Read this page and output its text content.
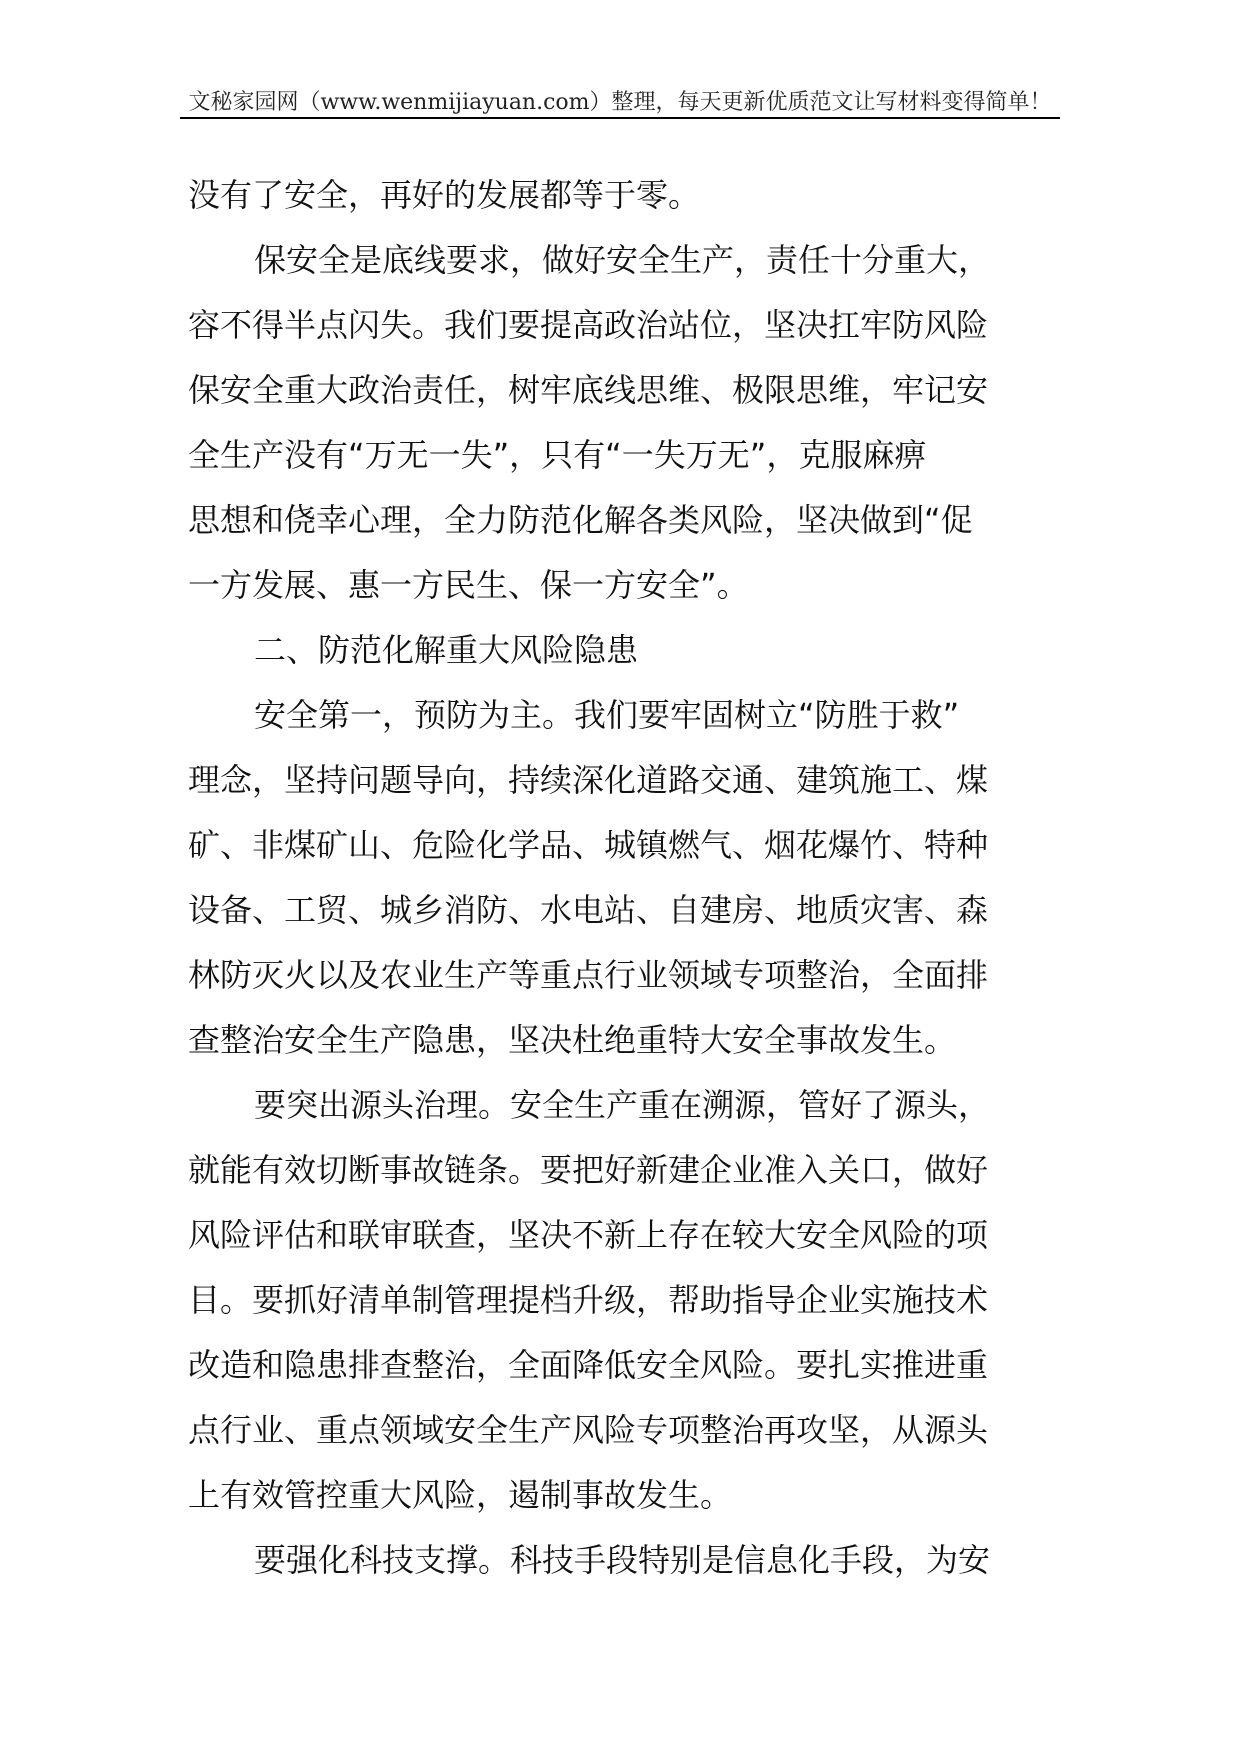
文秘家园网（www.wenmijiayuan.com）整理，每天更新优质范文让写材料变得简单！
没有了安全，再好的发展都等于零。
保安全是底线要求，做好安全生产，责任十分重大，
容不得半点闪失。我们要提高政治站位，坚决扛牢防风险
保安全重大政治责任，树牢底线思维、极限思维，牢记安
全生产没有“万无一失”，只有“一失万无”，克服麻痹
思想和侥幸心理，全力防范化解各类风险，坚决做到“促
一方发展、惠一方民生、保一方安全”。
二、防范化解重大风险隐患
安全第一，预防为主。我们要牢固树立“防胜于救”
理念，坚持问题导向，持续深化道路交通、建筑施工、煤
矿、非煤矿山、危险化学品、城镇燃气、烟花爆竹、特种
设备、工贸、城乡消防、水电站、自建房、地质灾害、森
林防灭火以及农业生产等重点行业领域专项整治，全面排
查整治安全生产隐患，坚决杜绝重特大安全事故发生。
要突出源头治理。安全生产重在溯源，管好了源头，
就能有效切断事故链条。要把好新建企业准入关口，做好
风险评估和联审联查，坚决不新上存在较大安全风险的项
目。要抓好清单制管理提档升级，帮助指导企业实施技术
改造和隐患排查整治，全面降低安全风险。要扎实推进重
点行业、重点领域安全生产风险专项整治再攻坚，从源头
上有效管控重大风险，遏制事故发生。
要强化科技支撑。科技手段特别是信息化手段，为安
